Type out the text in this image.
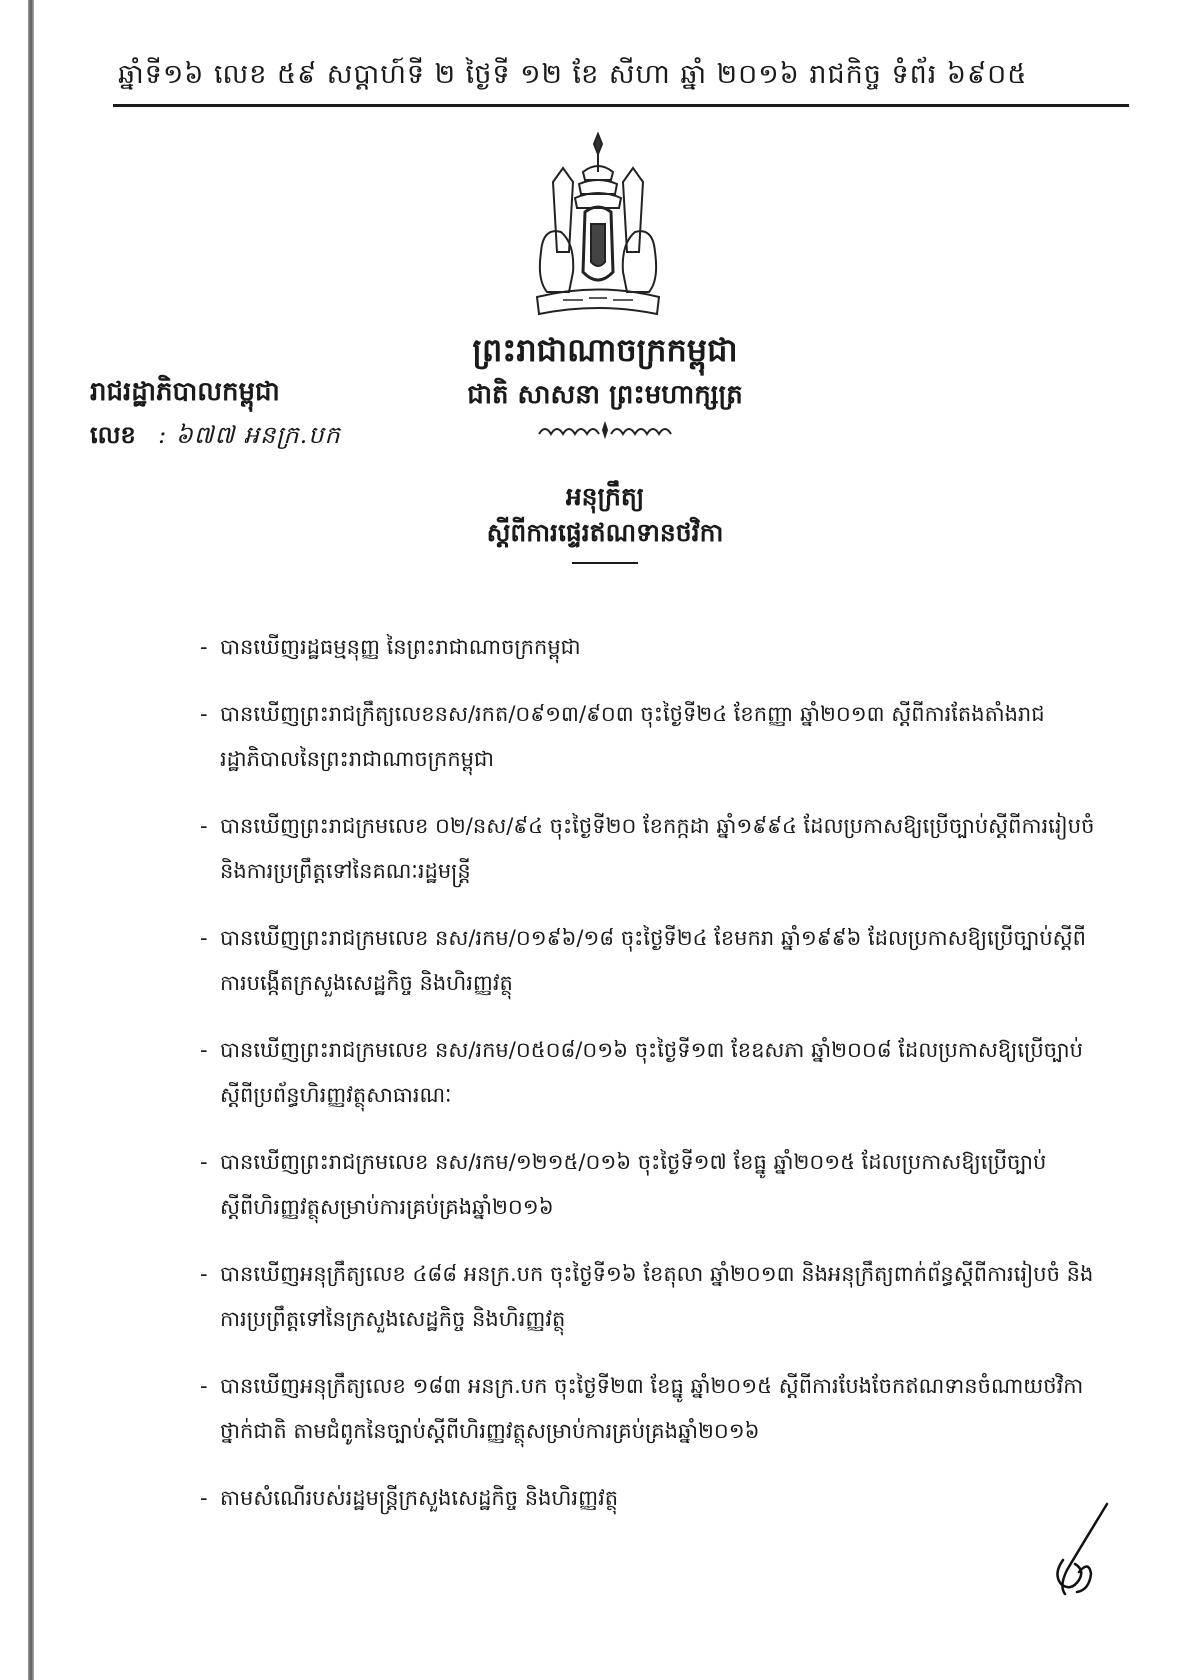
ឆ្នាំទី១៦ លេខ ៥៩ សប្ដាហ៍ទី ២ ថ្ងៃទី ១២ ខែ សីហា ឆ្នាំ ២០១៦ រាជកិច្ច ទំព័រ ៦៩០៥
ព្រះរាជាណាចក្រកម្ពុជា
ជាតិ សាសនា ព្រះមហាក្សត្រ
រាជរដ្ឋាភិបាលកម្ពុជា
លេខ : ៦៧៧ អនក្រ.បក
អនុក្រឹត្យ
ស្ដីពីការផ្ទេរឥណទានថវិកា
- បានឃើញរដ្ឋធម្មនុញ្ញ នៃព្រះរាជាណាចក្រកម្ពុជា
- បានឃើញព្រះរាជក្រឹត្យលេខនស/រកត/០៩១៣/៩០៣ ចុះថ្ងៃទី២៤ ខែកញ្ញា ឆ្នាំ២០១៣ ស្ដីពីការតែងតាំងរាជរដ្ឋាភិបាលនៃព្រះរាជាណាចក្រកម្ពុជា
- បានឃើញព្រះរាជក្រមលេខ ០២/នស/៩៤ ចុះថ្ងៃទី២០ ខែកក្កដា ឆ្នាំ១៩៩៤ ដែលប្រកាសឱ្យប្រើច្បាប់ស្ដីពីការរៀបចំ និងការប្រព្រឹត្តទៅនៃគណៈរដ្ឋមន្ត្រី
- បានឃើញព្រះរាជក្រមលេខ នស/រកម/០១៩៦/១៨ ចុះថ្ងៃទី២៤ ខែមករា ឆ្នាំ១៩៩៦ ដែលប្រកាសឱ្យប្រើច្បាប់ស្ដីពីការបង្កើតក្រសួងសេដ្ឋកិច្ច និងហិរញ្ញវត្ថុ
- បានឃើញព្រះរាជក្រមលេខ នស/រកម/០៥០៨/០១៦ ចុះថ្ងៃទី១៣ ខែឧសភា ឆ្នាំ២០០៨ ដែលប្រកាសឱ្យប្រើច្បាប់ស្ដីពីប្រព័ន្ធហិរញ្ញវត្ថុសាធារណៈ
- បានឃើញព្រះរាជក្រមលេខ នស/រកម/១២១៥/០១៦ ចុះថ្ងៃទី១៧ ខែធ្នូ ឆ្នាំ២០១៥ ដែលប្រកាសឱ្យប្រើច្បាប់ស្ដីពីហិរញ្ញវត្ថុសម្រាប់ការគ្រប់គ្រងឆ្នាំ២០១៦
- បានឃើញអនុក្រឹត្យលេខ ៤៨៨ អនក្រ.បក ចុះថ្ងៃទី១៦ ខែតុលា ឆ្នាំ២០១៣ និងអនុក្រឹត្យពាក់ព័ន្ធស្ដីពីការរៀបចំ និងការប្រព្រឹត្តទៅនៃក្រសួងសេដ្ឋកិច្ច និងហិរញ្ញវត្ថុ
- បានឃើញអនុក្រឹត្យលេខ ១៨៣ អនក្រ.បក ចុះថ្ងៃទី២៣ ខែធ្នូ ឆ្នាំ២០១៥ ស្ដីពីការបែងចែកឥណទានចំណាយថវិកាថ្នាក់ជាតិ តាមជំពូកនៃច្បាប់ស្ដីពីហិរញ្ញវត្ថុសម្រាប់ការគ្រប់គ្រងឆ្នាំ២០១៦
- តាមសំណើរបស់រដ្ឋមន្ត្រីក្រសួងសេដ្ឋកិច្ច និងហិរញ្ញវត្ថុ
